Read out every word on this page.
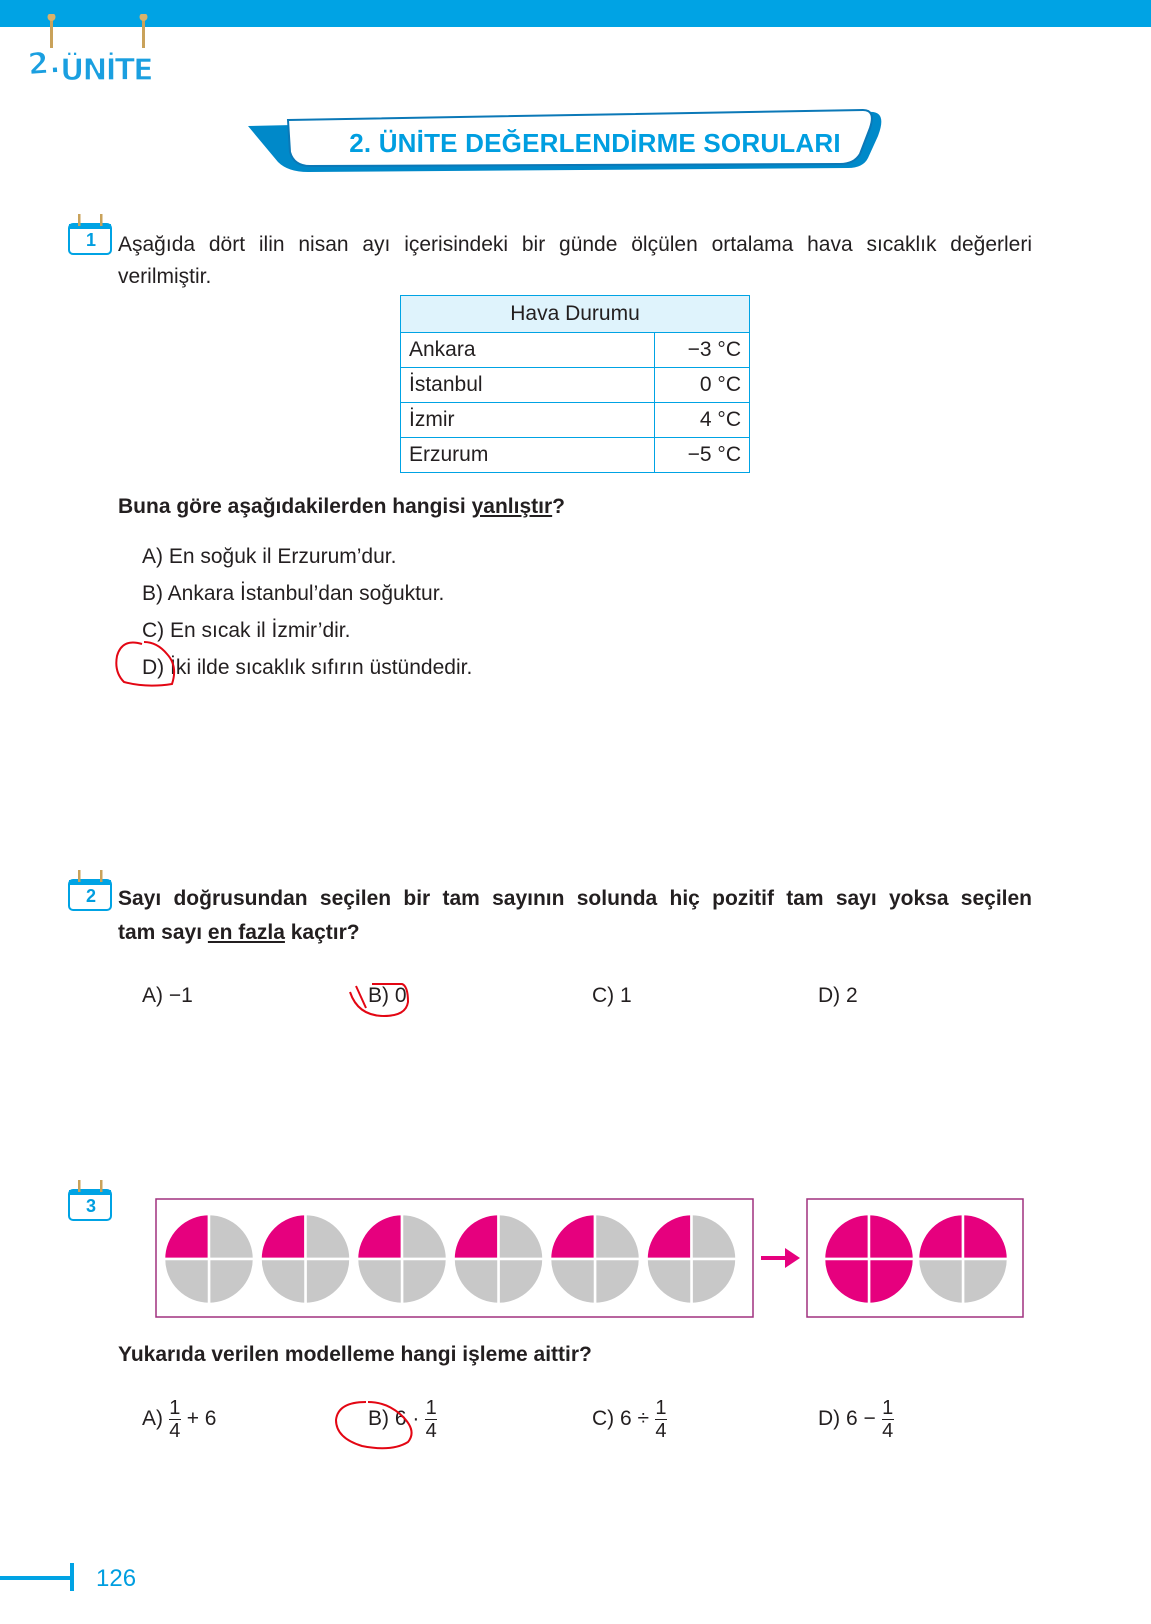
2.
ÜNİTE
2. ÜNİTE DEĞERLENDİRME SORULARI
1	Aşağıda dört ilin nisan ayı içerisindeki bir günde ölçülen ortalama hava sıcaklık değerleri
verilmiştir.
Hava Durumu	
Ankara	−3 °C
İstanbul	0 °C
İzmir	4 °C
Erzurum	−5 °C
Buna göre aşağıdakilerden hangisi yanlıştır?
A) En soğuk il Erzurum’dur.
B) Ankara İstanbul’dan soğuktur.
C) En sıcak il İzmir’dir.
D) İki ilde sıcaklık sıfırın üstündedir.
2	Sayı doğrusundan seçilen bir tam sayının solunda hiç pozitif tam sayı yoksa seçilen
tam sayı en fazla kaçtır?
A) −1	B) 0	C) 1	D) 2
3
Yukarıda verilen modelleme hangi işleme aittir?
$A) \frac{1}{4} + 6$	B) $6 \cdot \frac{1}{4}$	C) $6 \div \frac{1}{4}$	D) $6 - \frac{1}{4}$
126
